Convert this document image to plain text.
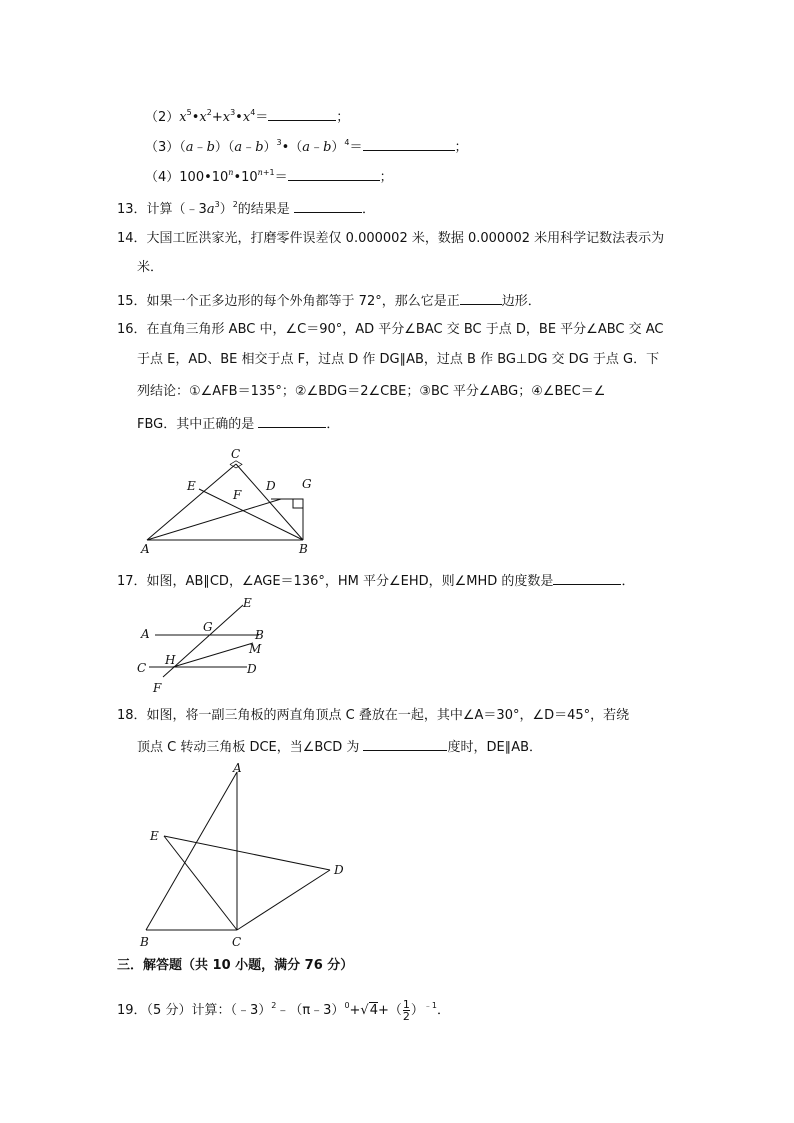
$(2)x^5•x^2+x^3•x^4=$	；
（3）（a﹣b）（a﹣b）$^3$•（a﹣b）$^4$＝	；
$(4)100•10^n•10^{n+1}=$	；
13．计算$(﹣3a^3)^2$的结果是	．
14．大国工匠洪家光，打磨零件误差仅 0.000002 米，数据 0.000002 米用科学记数法表示为
米．
15．如果一个正多边形的每个外角都等于 72°，那么它是正	边形．
16．在直角三角形 ABC 中，∠C＝90°，AD 平分∠BAC 交 BC 于点 D，BE 平分∠ABC 交 AC
于点 E，AD、BE 相交于点 F，过点 D 作 DG∥AB，过点 B 作 BG⊥DG 交 DG 于点 G．下
列结论：①∠AFB＝135°；②∠BDG＝2∠CBE；③BC 平分∠ABG；④∠BEC＝∠
FBG．其中正确的是	．
C
E
F
D G
A	B
17．如图，AB∥CD，∠AGE＝136°，HM 平分∠EHD，则∠MHD 的度数是	．
E
A	G
B
M
C
H
D
F
18．如图，将一副三角板的两直角顶点 C 叠放在一起，其中∠A＝30°，∠D＝45°，若绕
顶点 C 转动三角板 DCE，当∠BCD 为	度时，DE∥AB．
A
E
D
B	C
三．解答题（共 10 小题，满分 76 分）
19．（5 分）计算：（﹣3）$^2$﹣（π﹣3）$^0$+√4+（ $\frac{1}{2} )^{﹣1}$．
